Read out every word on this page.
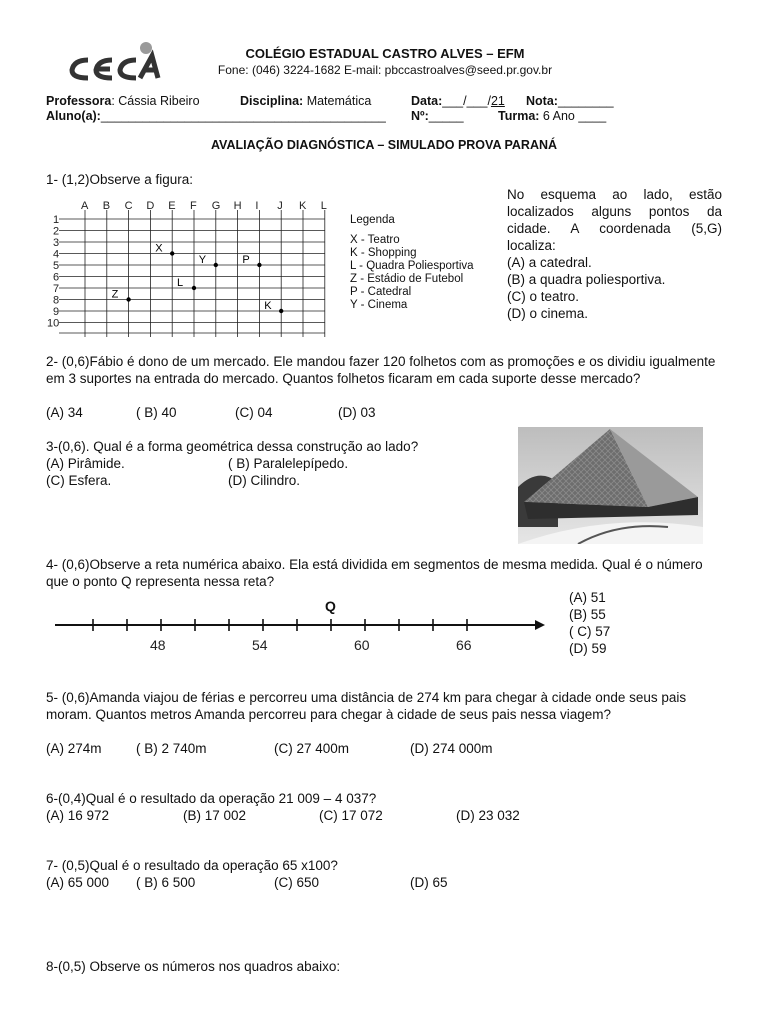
COLÉGIO ESTADUAL CASTRO ALVES – EFM
Fone: (046) 3224-1682 E-mail: pbccastroalves@seed.pr.gov.br
Professora: Cássia Ribeiro	Disciplina: Matemática	Data:___/___/21 Nota:________
Aluno(a):_________________________________________ Nº:_____	Turma: 6 Ano ____
AVALIAÇÃO DIAGNÓSTICA – SIMULADO PROVA PARANÁ
1- (1,2)Observe a figura:
A B C D E F G H I J K L
1
2
3
4
5
6
7
8
9
10
X
Y	P
L
Z
K
Legenda
X - Teatro
K - Shopping
L - Quadra Poliesportiva
Z - Estádio de Futebol
P - Catedral
Y - Cinema
No esquema ao lado, estão localizados alguns pontos da cidade. A coordenada (5,G) localiza:
(A) a catedral.
(B) a quadra poliesportiva.
(C) o teatro.
(D) o cinema.
2- (0,6)Fábio é dono de um mercado. Ele mandou fazer 120 folhetos com as promoções e os dividiu igualmente em 3 suportes na entrada do mercado. Quantos folhetos ficaram em cada suporte desse mercado?
(A) 34	( B) 40	(C) 04	(D) 03
3-(0,6). Qual é a forma geométrica dessa construção ao lado?
(A) Pirâmide.	( B) Paralelepípedo.
(C) Esfera.	(D) Cilindro.
4- (0,6)Observe a reta numérica abaixo. Ela está dividida em segmentos de mesma medida. Qual é o número que o ponto Q representa nessa reta?
48	54	60	66
Q
(A) 51
(B) 55
( C) 57
(D) 59
5- (0,6)Amanda viajou de férias e percorreu uma distância de 274 km para chegar à cidade onde seus pais moram. Quantos metros Amanda percorreu para chegar à cidade de seus pais nessa viagem?
(A) 274m	( B) 2 740m	(C) 27 400m	(D) 274 000m
6-(0,4)Qual é o resultado da operação 21 009 – 4 037?
(A) 16 972	(B) 17 002	(C) 17 072	(D) 23 032
7- (0,5)Qual é o resultado da operação 65 x100?
(A) 65 000 ( B) 6 500	(C) 650	(D) 65
8-(0,5) Observe os números nos quadros abaixo:
